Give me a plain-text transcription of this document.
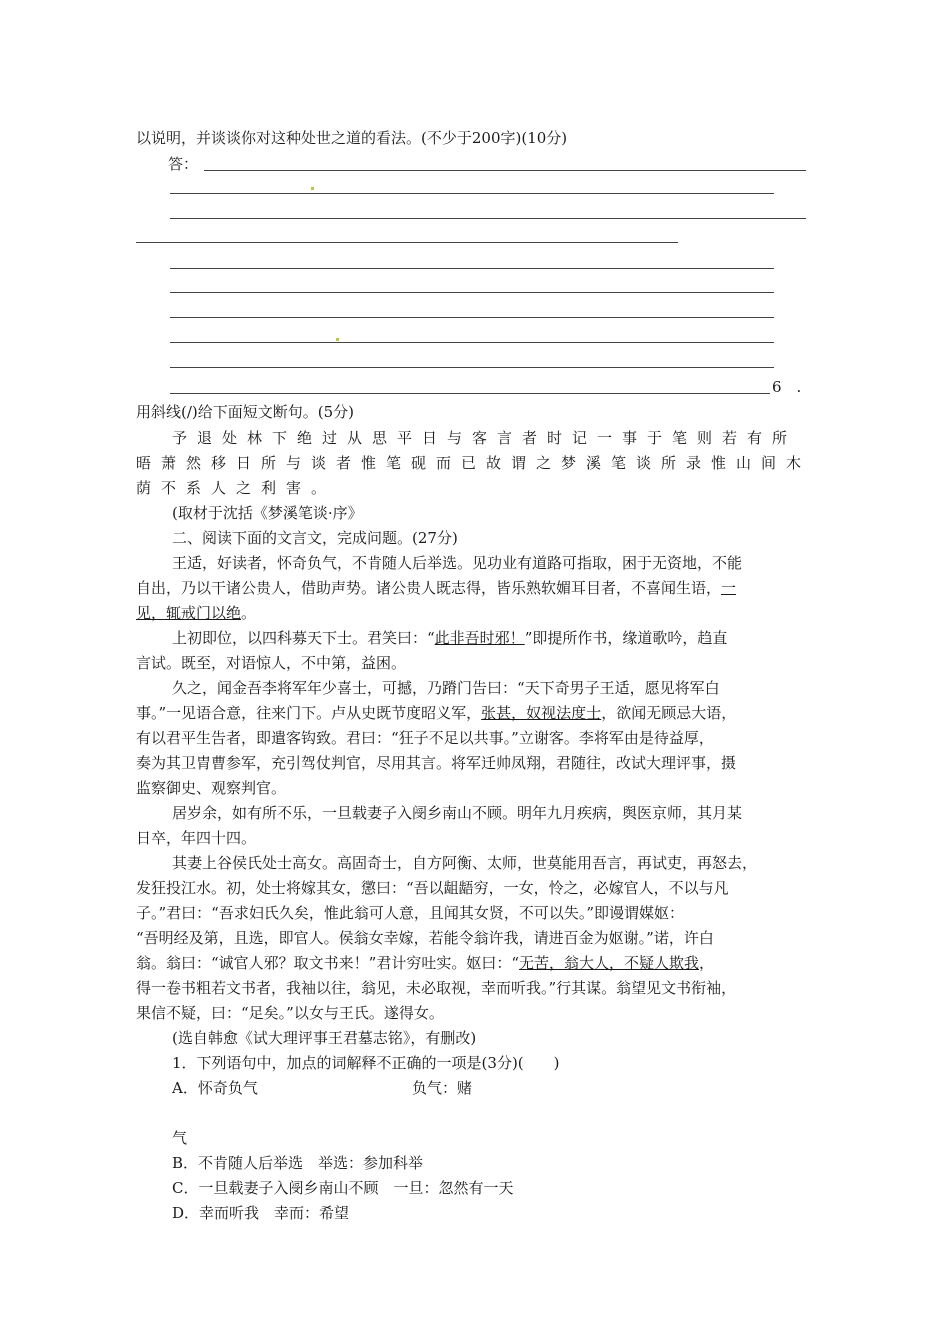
以说明，并谈谈你对这种处世之道的看法。(不少于200字)(10分)
答：
6　.
用斜线(/)给下面短文断句。(5分)
予退处林下绝过从思平日与客言者时记一事于笔则若有所
晤萧然移日所与谈者惟笔砚而已故谓之梦溪笔谈所录惟山间木
荫不系人之利害。
(取材于沈括《梦溪笔谈·序》
二、阅读下面的文言文，完成问题。(27分)
王适，好读者，怀奇负气，不肯随人后举选。见功业有道路可指取，困于无资地，不能
自出，乃以干诸公贵人，借助声势。诸公贵人既志得，皆乐熟软媚耳目者，不喜闻生语，一
见，辄戒门以绝。
上初即位，以四科募天下士。君笑曰：“此非吾时邪！”即提所作书，缘道歌吟，趋直
言试。既至，对语惊人，不中第，益困。
久之，闻金吾李将军年少喜士，可撼，乃蹐门告曰：“天下奇男子王适，愿见将军白
事。”一见语合意，往来门下。卢从史既节度昭义军，张甚，奴视法度士，欲闻无顾忌大语，
有以君平生告者，即遣客钩致。君曰：“狂子不足以共事。”立谢客。李将军由是待益厚，
奏为其卫胄曹参军，充引驾仗判官，尽用其言。将军迁帅凤翔，君随往，改试大理评事，摄
监察御史、观察判官。
居岁余，如有所不乐，一旦载妻子入阌乡南山不顾。明年九月疾病，舆医京师，其月某
日卒，年四十四。
其妻上谷侯氏处士高女。高固奇士，自方阿衡、太师，世莫能用吾言，再试吏，再怒去，
发狂投江水。初，处士将嫁其女，懲曰：“吾以龃龉穷，一女，怜之，必嫁官人，不以与凡
子。”君曰：“吾求妇氏久矣，惟此翁可人意，且闻其女贤，不可以失。”即谩谓媒妪：
“吾明经及第，且选，即官人。侯翁女幸嫁，若能令翁许我，请进百金为妪谢。”诺，许白
翁。翁曰：“诚官人邪？取文书来！”君计穷吐实。妪曰：“无苦，翁大人，不疑人欺我，
得一卷书粗若文书者，我袖以往，翁见，未必取视，幸而听我。”行其谋。翁望见文书衔袖，
果信不疑，曰：“足矣。”以女与王氏。遂得女。
(选自韩愈《试大理评事王君墓志铭》，有删改)
1．下列语句中，加点的词解释不正确的一项是(3分)(　　)
A．怀奇负气	负气：赌
气
B．不肯随人后举选　举选：参加科举
C．一旦载妻子入阌乡南山不顾　一旦：忽然有一天
D．幸而听我　幸而：希望
